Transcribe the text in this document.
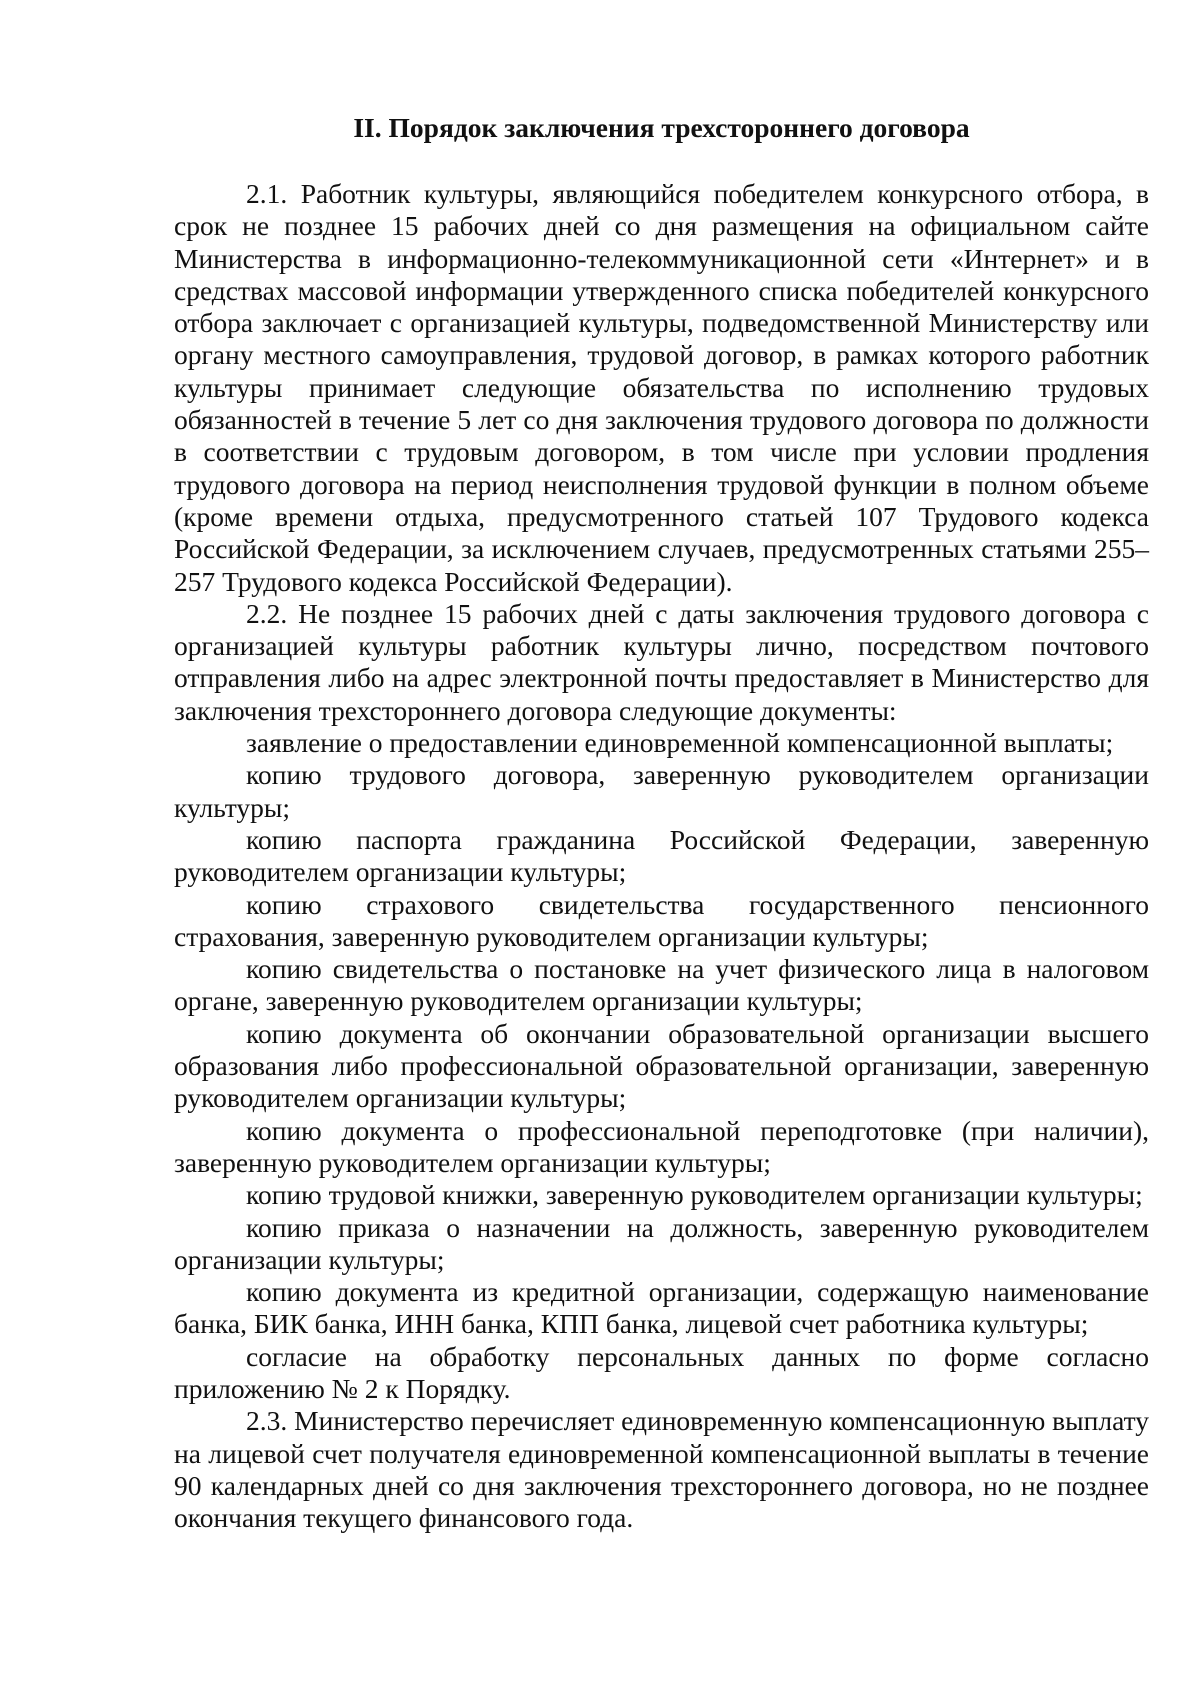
II. Порядок заключения трехстороннего договора

2.1. Работник культуры, являющийся победителем конкурсного отбора, в срок не позднее 15 рабочих дней со дня размещения на официальном сайте Министерства в информационно-телекоммуникационной сети «Интернет» и в средствах массовой информации утвержденного списка победителей конкурсного отбора заключает с организацией культуры, подведомственной Министерству или органу местного самоуправления, трудовой договор, в рамках которого работник культуры принимает следующие обязательства по исполнению трудовых обязанностей в течение 5 лет со дня заключения трудового договора по должности в соответствии с трудовым договором, в том числе при условии продления трудового договора на период неисполнения трудовой функции в полном объеме (кроме времени отдыха, предусмотренного статьей 107 Трудового кодекса Российской Федерации, за исключением случаев, предусмотренных статьями 255–257 Трудового кодекса Российской Федерации).

2.2. Не позднее 15 рабочих дней с даты заключения трудового договора с организацией культуры работник культуры лично, посредством почтового отправления либо на адрес электронной почты предоставляет в Министерство для заключения трехстороннего договора следующие документы:

заявление о предоставлении единовременной компенсационной выплаты;

копию трудового договора, заверенную руководителем организации культуры;

копию паспорта гражданина Российской Федерации, заверенную руководителем организации культуры;

копию страхового свидетельства государственного пенсионного страхования, заверенную руководителем организации культуры;

копию свидетельства о постановке на учет физического лица в налоговом органе, заверенную руководителем организации культуры;

копию документа об окончании образовательной организации высшего образования либо профессиональной образовательной организации, заверенную руководителем организации культуры;

копию документа о профессиональной переподготовке (при наличии), заверенную руководителем организации культуры;

копию трудовой книжки, заверенную руководителем организации культуры;

копию приказа о назначении на должность, заверенную руководителем организации культуры;

копию документа из кредитной организации, содержащую наименование банка, БИК банка, ИНН банка, КПП банка, лицевой счет работника культуры;

согласие на обработку персональных данных по форме согласно приложению № 2 к Порядку.

2.3. Министерство перечисляет единовременную компенсационную выплату на лицевой счет получателя единовременной компенсационной выплаты в течение 90 календарных дней со дня заключения трехстороннего договора, но не позднее окончания текущего финансового года.
